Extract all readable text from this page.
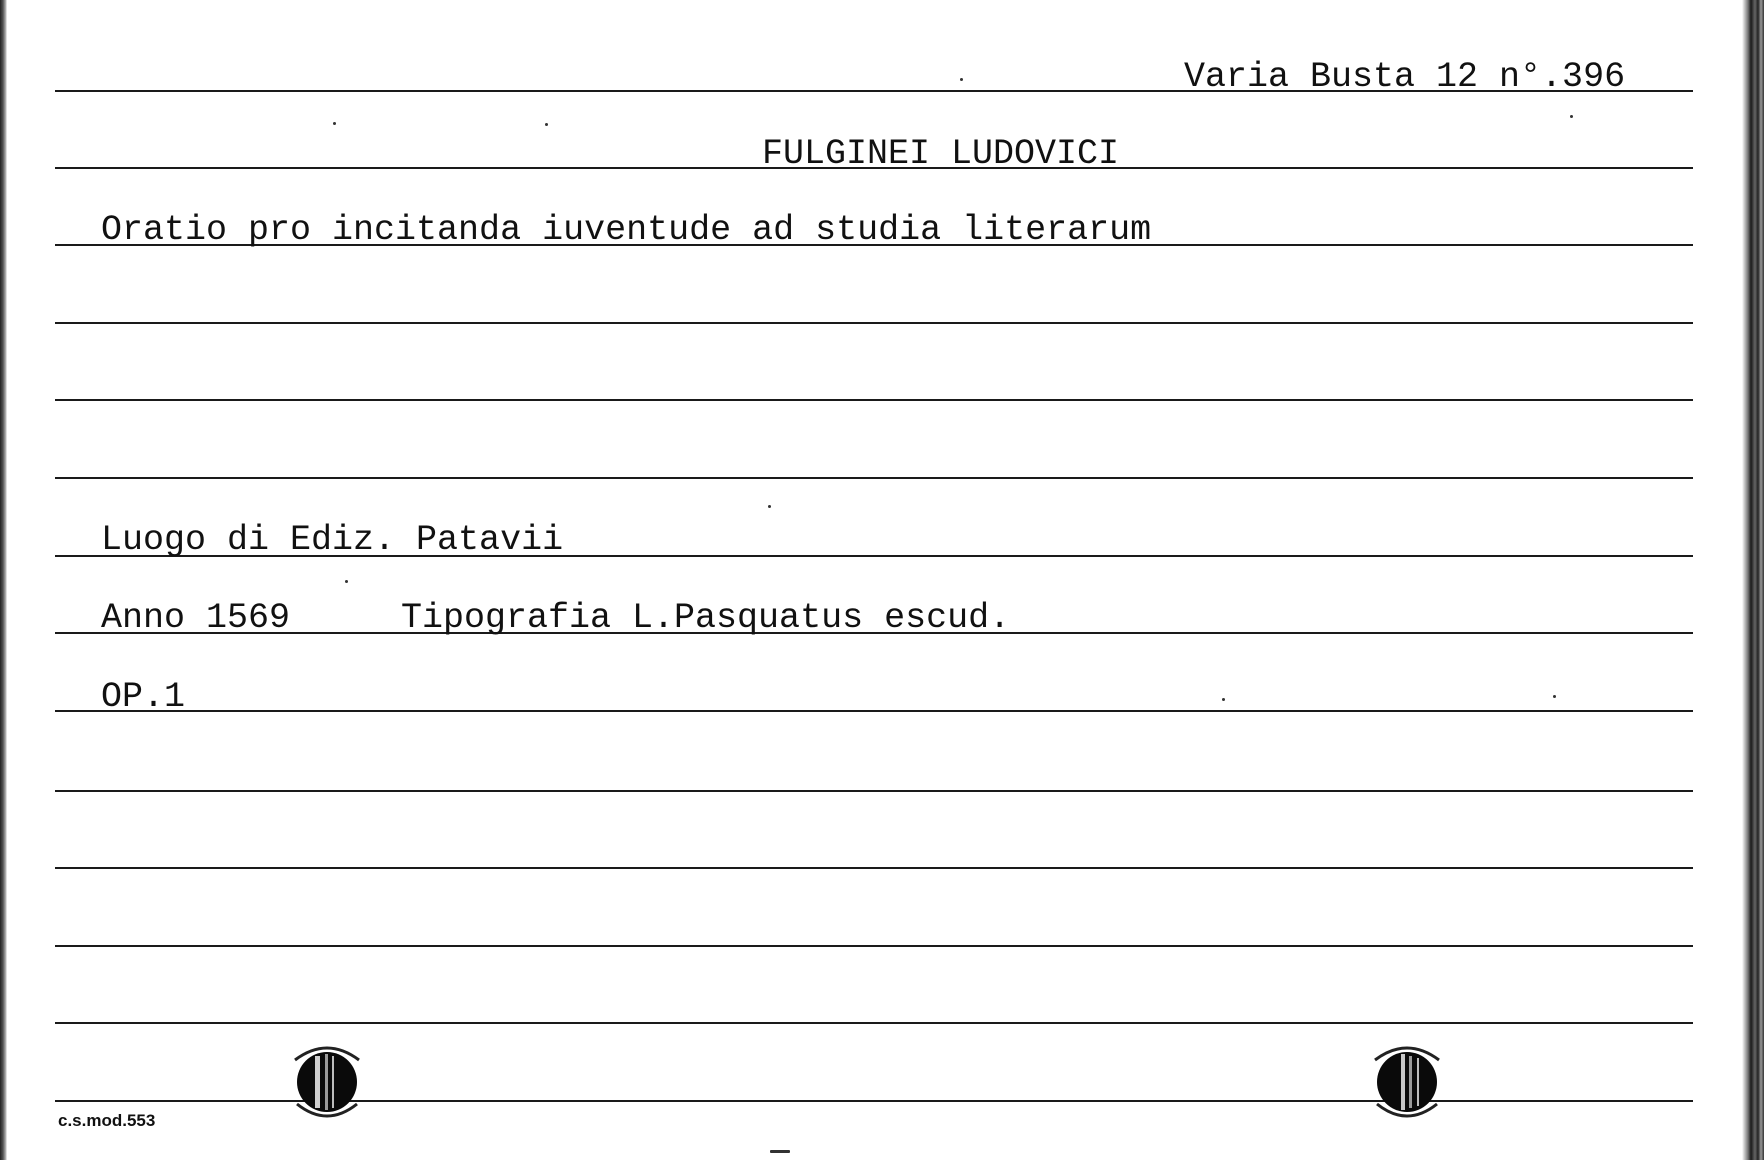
Varia Busta 12 n°.396
FULGINEI LUDOVICI
Oratio pro incitanda iuventude ad studia literarum
Luogo di Ediz. Patavii
Anno 1569	Tipografia L.Pasquatus escud.
OP.1
c.s.mod.553
